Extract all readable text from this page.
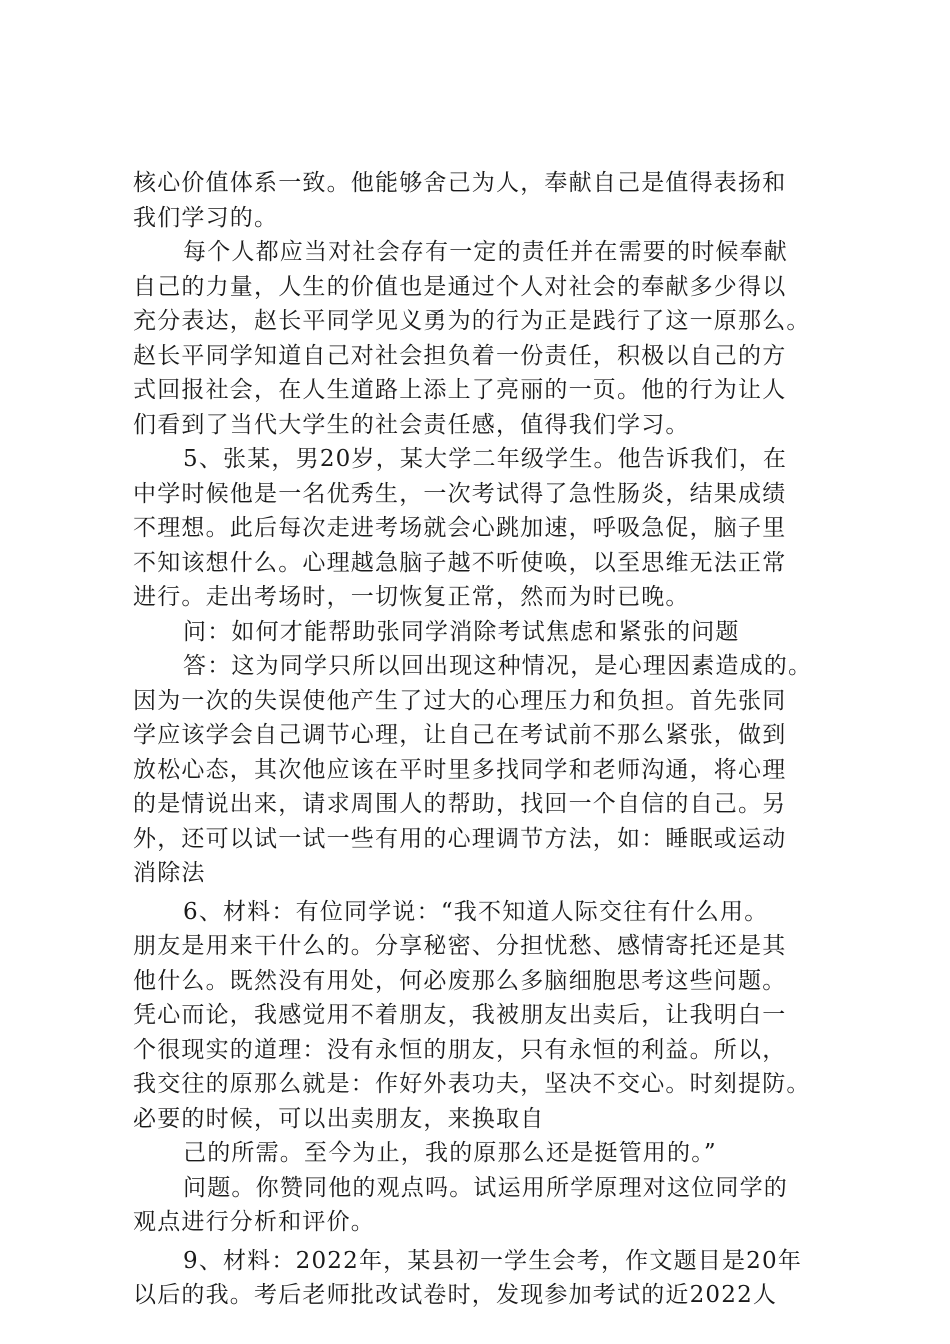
核心价值体系一致。他能够舍己为人，奉献自己是值得表扬和
我们学习的。
每个人都应当对社会存有一定的责任并在需要的时候奉献
自己的力量，人生的价值也是通过个人对社会的奉献多少得以
充分表达，赵长平同学见义勇为的行为正是践行了这一原那么。
赵长平同学知道自己对社会担负着一份责任，积极以自己的方
式回报社会，在人生道路上添上了亮丽的一页。他的行为让人
们看到了当代大学生的社会责任感，值得我们学习。
5、张某，男20岁，某大学二年级学生。他告诉我们，在
中学时候他是一名优秀生，一次考试得了急性肠炎，结果成绩
不理想。此后每次走进考场就会心跳加速，呼吸急促，脑子里
不知该想什么。心理越急脑子越不听使唤，以至思维无法正常
进行。走出考场时，一切恢复正常，然而为时已晚。
问：如何才能帮助张同学消除考试焦虑和紧张的问题
答：这为同学只所以回出现这种情况，是心理因素造成的。
因为一次的失误使他产生了过大的心理压力和负担。首先张同
学应该学会自己调节心理，让自己在考试前不那么紧张，做到
放松心态，其次他应该在平时里多找同学和老师沟通，将心理
的是情说出来，请求周围人的帮助，找回一个自信的自己。另
外，还可以试一试一些有用的心理调节方法，如：睡眠或运动
消除法
6、材料：有位同学说：“我不知道人际交往有什么用。
朋友是用来干什么的。分享秘密、分担忧愁、感情寄托还是其
他什么。既然没有用处，何必废那么多脑细胞思考这些问题。
凭心而论，我感觉用不着朋友，我被朋友出卖后，让我明白一
个很现实的道理：没有永恒的朋友，只有永恒的利益。所以，
我交往的原那么就是：作好外表功夫，坚决不交心。时刻提防。
必要的时候，可以出卖朋友，来换取自
己的所需。至今为止，我的原那么还是挺管用的。”
问题。你赞同他的观点吗。试运用所学原理对这位同学的
观点进行分析和评价。
9、材料：2022年，某县初一学生会考，作文题目是20年
以后的我。考后老师批改试卷时，发现参加考试的近2022人
